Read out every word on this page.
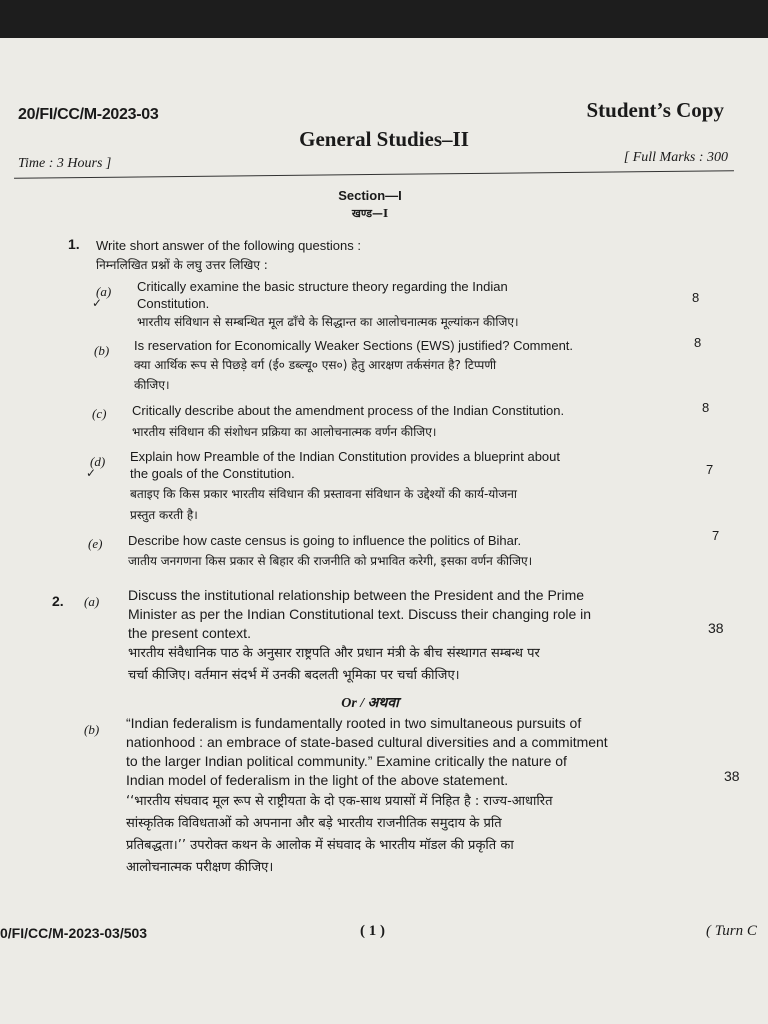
20/FI/CC/M-2023-03	Student’s Copy
General Studies–II
Time : 3 Hours ]	[ Full Marks : 300
Section—I
खण्ड—I
1. Write short answer of the following questions :
निम्नलिखित प्रश्नों के लघु उत्तर लिखिए :
(a)
✓
Critically examine the basic structure theory regarding the Indian
Constitution.
भारतीय संविधान से सम्बन्धित मूल ढाँचे के सिद्धान्त का आलोचनात्मक मूल्यांकन कीजिए।
8
(b) Is reservation for Economically Weaker Sections (EWS) justified? Comment.
क्या आर्थिक रूप से पिछड़े वर्ग (ई० डब्ल्यू० एस०) हेतु आरक्षण तर्कसंगत है? टिप्पणी
कीजिए।
8
(c) Critically describe about the amendment process of the Indian Constitution.
भारतीय संविधान की संशोधन प्रक्रिया का आलोचनात्मक वर्णन कीजिए।
8
(d)
✓
Explain how Preamble of the Indian Constitution provides a blueprint about
the goals of the Constitution.
बताइए कि किस प्रकार भारतीय संविधान की प्रस्तावना संविधान के उद्देश्यों की कार्य-योजना
प्रस्तुत करती है।
7
(e) Describe how caste census is going to influence the politics of Bihar.
जातीय जनगणना किस प्रकार से बिहार की राजनीति को प्रभावित करेगी, इसका वर्णन कीजिए।
7
2. (a) Discuss the institutional relationship between the President and the Prime
Minister as per the Indian Constitutional text. Discuss their changing role in
the present context.
भारतीय संवैधानिक पाठ के अनुसार राष्ट्रपति और प्रधान मंत्री के बीच संस्थागत सम्बन्ध पर
चर्चा कीजिए। वर्तमान संदर्भ में उनकी बदलती भूमिका पर चर्चा कीजिए।
38
Or / अथवा
(b) “Indian federalism is fundamentally rooted in two simultaneous pursuits of
nationhood : an embrace of state-based cultural diversities and a commitment
to the larger Indian political community.” Examine critically the nature of
Indian model of federalism in the light of the above statement.
‘‘भारतीय संघवाद मूल रूप से राष्ट्रीयता के दो एक-साथ प्रयासों में निहित है : राज्य-आधारित
सांस्कृतिक विविधताओं को अपनाना और बड़े भारतीय राजनीतिक समुदाय के प्रति
प्रतिबद्धता।’’ उपरोक्त कथन के आलोक में संघवाद के भारतीय मॉडल की प्रकृति का
आलोचनात्मक परीक्षण कीजिए।
38
0/FI/CC/M-2023-03/503	( 1 )	( Turn C
